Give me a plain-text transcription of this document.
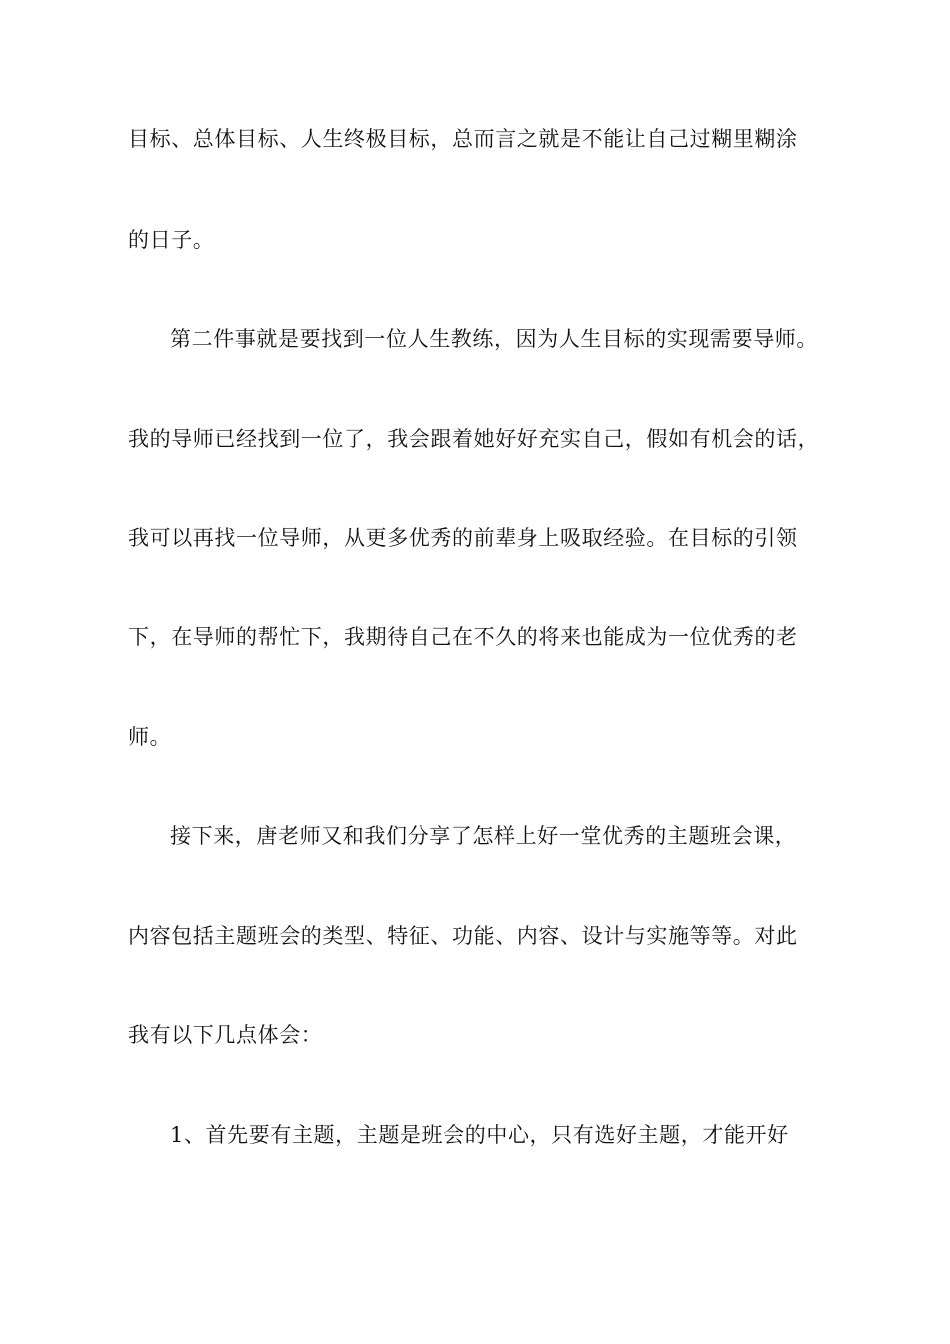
目标、总体目标、人生终极目标，总而言之就是不能让自己过糊里糊涂
的日子。
第二件事就是要找到一位人生教练，因为人生目标的实现需要导师。
我的导师已经找到一位了，我会跟着她好好充实自己，假如有机会的话，
我可以再找一位导师，从更多优秀的前辈身上吸取经验。在目标的引领
下，在导师的帮忙下，我期待自己在不久的将来也能成为一位优秀的老
师。
接下来，唐老师又和我们分享了怎样上好一堂优秀的主题班会课，
内容包括主题班会的类型、特征、功能、内容、设计与实施等等。对此
我有以下几点体会：
1、首先要有主题，主题是班会的中心，只有选好主题，才能开好
